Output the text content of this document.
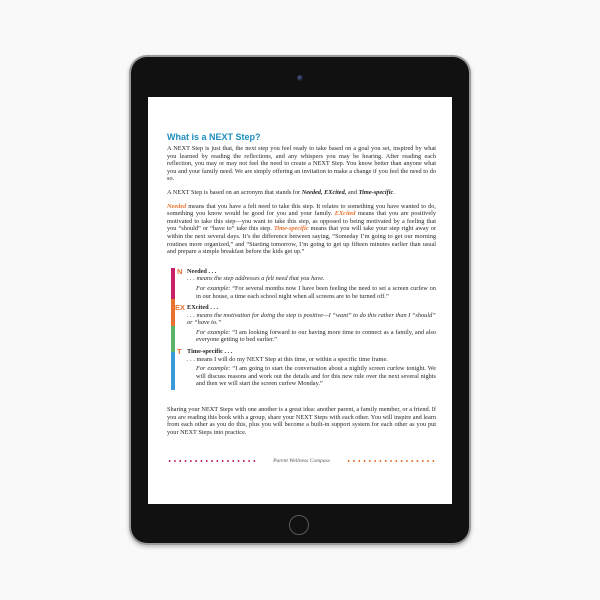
What is a NEXT Step?

A NEXT Step is just that, the next step you feel ready to take based on a goal you set, inspired by what you learned by reading the reflections, and any whispers you may be hearing. After reading each reflection, you may or may not feel the need to create a NEXT Step. You know better than anyone what you and your family need. We are simply offering an invitation to make a change if you feel the need to do so.

A NEXT Step is based on an acronym that stands for Needed, EXcited, and Time-specific.

Needed means that you have a felt need to take this step. It relates to something you have wanted to do, something you know would be good for you and your family. EXcited means that you are positively motivated to take this step—you want to take this step, as opposed to being motivated by a feeling that you “should” or “have to” take this step. Time-specific means that you will take your step right away or within the next several days. It’s the difference between saying, “Someday I’m going to get our morning routines more organized,” and “Starting tomorrow, I’m going to get up fifteen minutes earlier than usual and prepare a simple breakfast before the kids get up.”

N Needed . . .
. . . means the step addresses a felt need that you have.
For example: “For several months now I have been feeling the need to set a screen curfew on in our house, a time each school night when all screens are to be turned off.”
EX EXcited . . .
. . . means the motivation for doing the step is positive—I “want” to do this rather than I “should” or “have to.”
For example: “I am looking forward to our having more time to connect as a family, and also everyone getting to bed earlier.”
T Time-specific . . .
. . . means I will do my NEXT Step at this time, or within a specific time frame.
For example: “I am going to start the conversation about a nightly screen curfew tonight. We will discuss reasons and work out the details and for this new rule over the next several nights and then we will start the screen curfew Monday.”

Sharing your NEXT Steps with one another is a great idea: another parent, a family member, or a friend. If you are reading this book with a group, share your NEXT Steps with each other. You will inspire and learn from each other as you do this, plus you will become a built-in support system for each other as you put your NEXT Steps into practice.

Parent Wellness Compass
